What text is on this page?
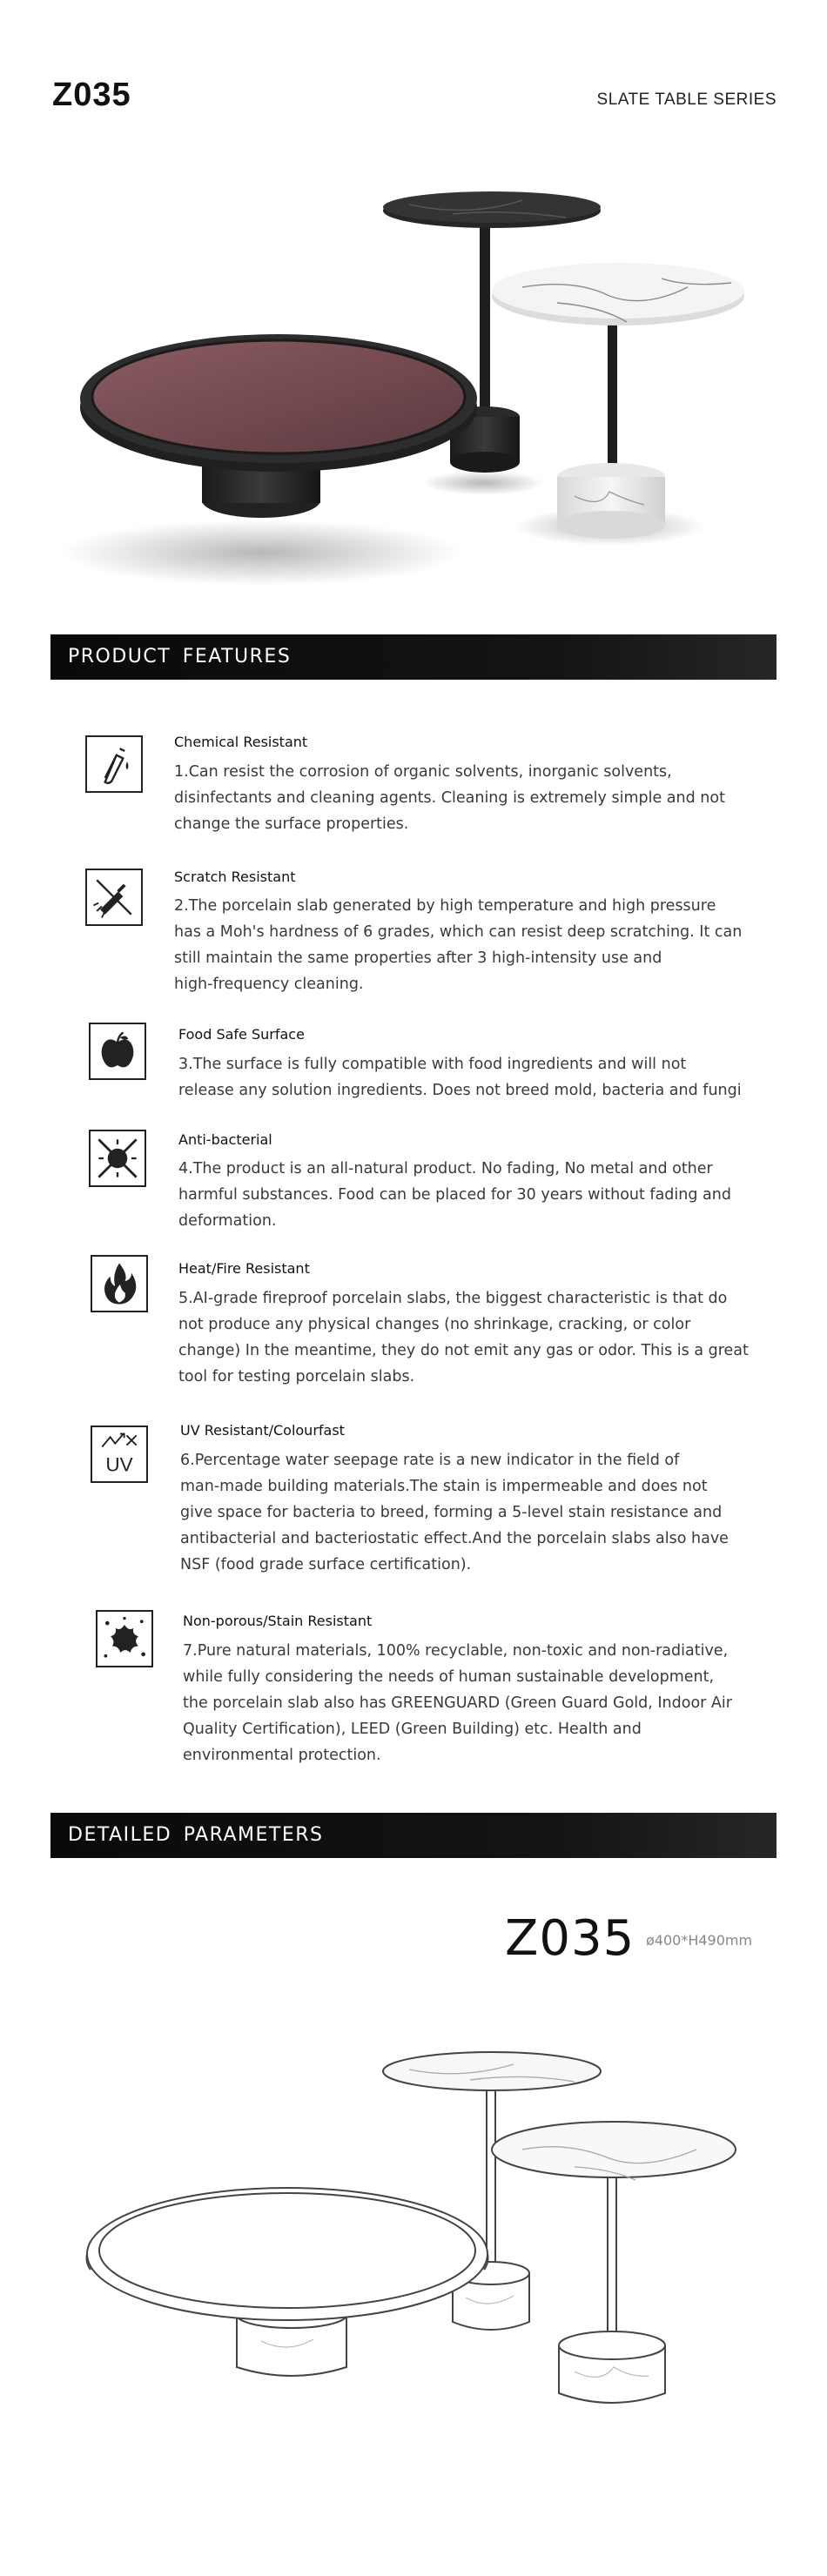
Z035	SLATE TABLE SERIES
PRODUCT FEATURES
Chemical Resistant
1.Can resist the corrosion of organic solvents, inorganic solvents,
disinfectants and cleaning agents. Cleaning is extremely simple and not
change the surface properties.
Scratch Resistant
2.The porcelain slab generated by high temperature and high pressure
has a Moh's hardness of 6 grades, which can resist deep scratching. It can
still maintain the same properties after 3 high-intensity use and
high-frequency cleaning.
Food Safe Surface
3.The surface is fully compatible with food ingredients and will not
release any solution ingredients. Does not breed mold, bacteria and fungi
Anti-bacterial
4.The product is an all-natural product. No fading, No metal and other
harmful substances. Food can be placed for 30 years without fading and
deformation.
Heat/Fire Resistant
5.AI-grade fireproof porcelain slabs, the biggest characteristic is that do
not produce any physical changes (no shrinkage, cracking, or color
change) In the meantime, they do not emit any gas or odor. This is a great
tool for testing porcelain slabs.
UV
UV Resistant/Colourfast
6.Percentage water seepage rate is a new indicator in the field of
man-made building materials.The stain is impermeable and does not
give space for bacteria to breed, forming a 5-level stain resistance and
antibacterial and bacteriostatic effect.And the porcelain slabs also have
NSF (food grade surface certification).
Non-porous/Stain Resistant
7.Pure natural materials, 100% recyclable, non-toxic and non-radiative,
while fully considering the needs of human sustainable development,
the porcelain slab also has GREENGUARD (Green Guard Gold, Indoor Air
Quality Certification), LEED (Green Building) etc. Health and
environmental protection.
DETAILED PARAMETERS
Z035 ø400*H490mm
